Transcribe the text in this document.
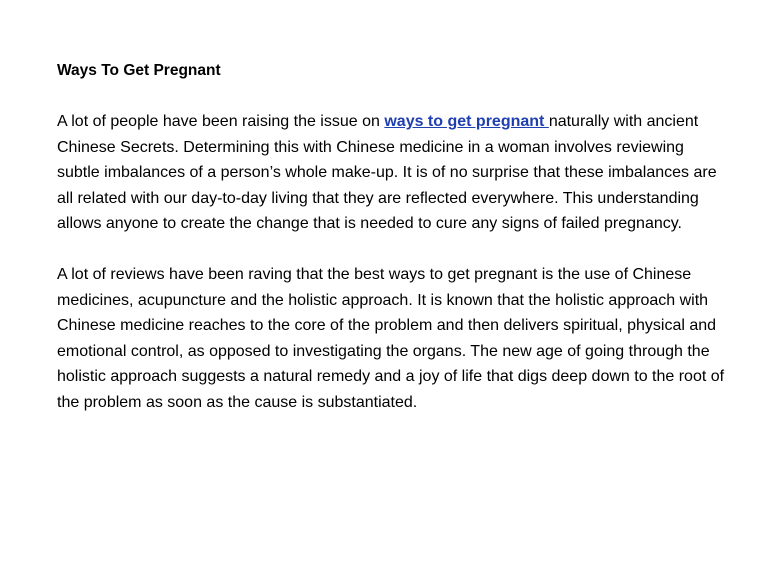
Ways To Get Pregnant

A lot of people have been raising the issue on ways to get pregnant naturally with ancient Chinese Secrets. Determining this with Chinese medicine in a woman involves reviewing subtle imbalances of a person’s whole make-up. It is of no surprise that these imbalances are all related with our day-to-day living that they are reflected everywhere. This understanding allows anyone to create the change that is needed to cure any signs of failed pregnancy.

A lot of reviews have been raving that the best ways to get pregnant is the use of Chinese medicines, acupuncture and the holistic approach. It is known that the holistic approach with Chinese medicine reaches to the core of the problem and then delivers spiritual, physical and emotional control, as opposed to investigating the organs. The new age of going through the holistic approach suggests a natural remedy and a joy of life that digs deep down to the root of the problem as soon as the cause is substantiated.
